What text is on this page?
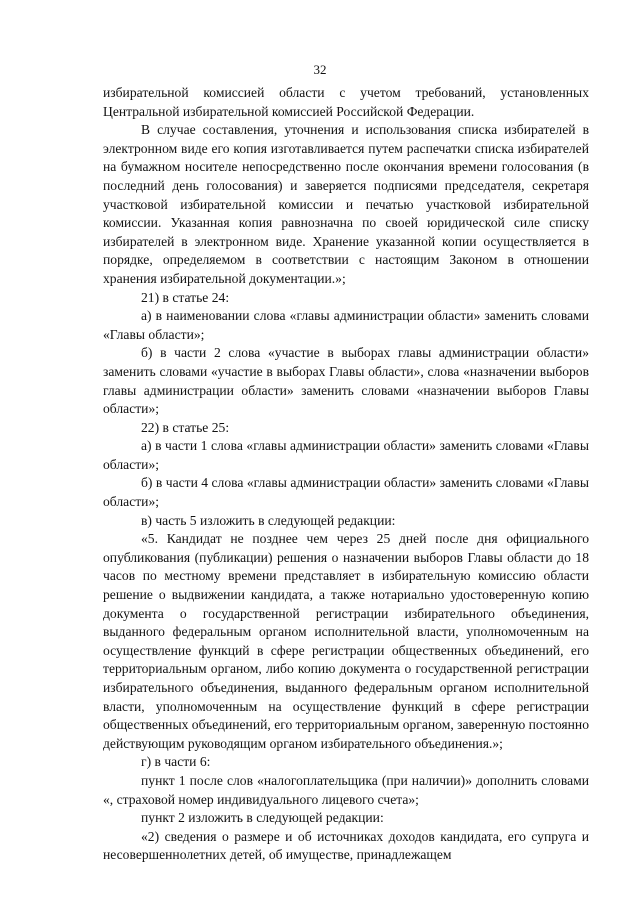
32

избирательной комиссией области с учетом требований, установленных Центральной избирательной комиссией Российской Федерации.

В случае составления, уточнения и использования списка избирателей в электронном виде его копия изготавливается путем распечатки списка избирателей на бумажном носителе непосредственно после окончания времени голосования (в последний день голосования) и заверяется подписями председателя, секретаря участковой избирательной комиссии и печатью участковой избирательной комиссии. Указанная копия равнозначна по своей юридической силе списку избирателей в электронном виде. Хранение указанной копии осуществляется в порядке, определяемом в соответствии с настоящим Законом в отношении хранения избирательной документации.»;

21) в статье 24:

а) в наименовании слова «главы администрации области» заменить словами «Главы области»;

б) в части 2 слова «участие в выборах главы администрации области» заменить словами «участие в выборах Главы области», слова «назначении выборов главы администрации области» заменить словами «назначении выборов Главы области»;

22) в статье 25:

а) в части 1 слова «главы администрации области» заменить словами «Главы области»;

б) в части 4 слова «главы администрации области» заменить словами «Главы области»;

в) часть 5 изложить в следующей редакции:

«5. Кандидат не позднее чем через 25 дней после дня официального опубликования (публикации) решения о назначении выборов Главы области до 18 часов по местному времени представляет в избирательную комиссию области решение о выдвижении кандидата, а также нотариально удостоверенную копию документа о государственной регистрации избирательного объединения, выданного федеральным органом исполнительной власти, уполномоченным на осуществление функций в сфере регистрации общественных объединений, его территориальным органом, либо копию документа о государственной регистрации избирательного объединения, выданного федеральным органом исполнительной власти, уполномоченным на осуществление функций в сфере регистрации общественных объединений, его территориальным органом, заверенную постоянно действующим руководящим органом избирательного объединения.»;

г) в части 6:

пункт 1 после слов «налогоплательщика (при наличии)» дополнить словами «, страховой номер индивидуального лицевого счета»;

пункт 2 изложить в следующей редакции:

«2) сведения о размере и об источниках доходов кандидата, его супруга и несовершеннолетних детей, об имуществе, принадлежащем
